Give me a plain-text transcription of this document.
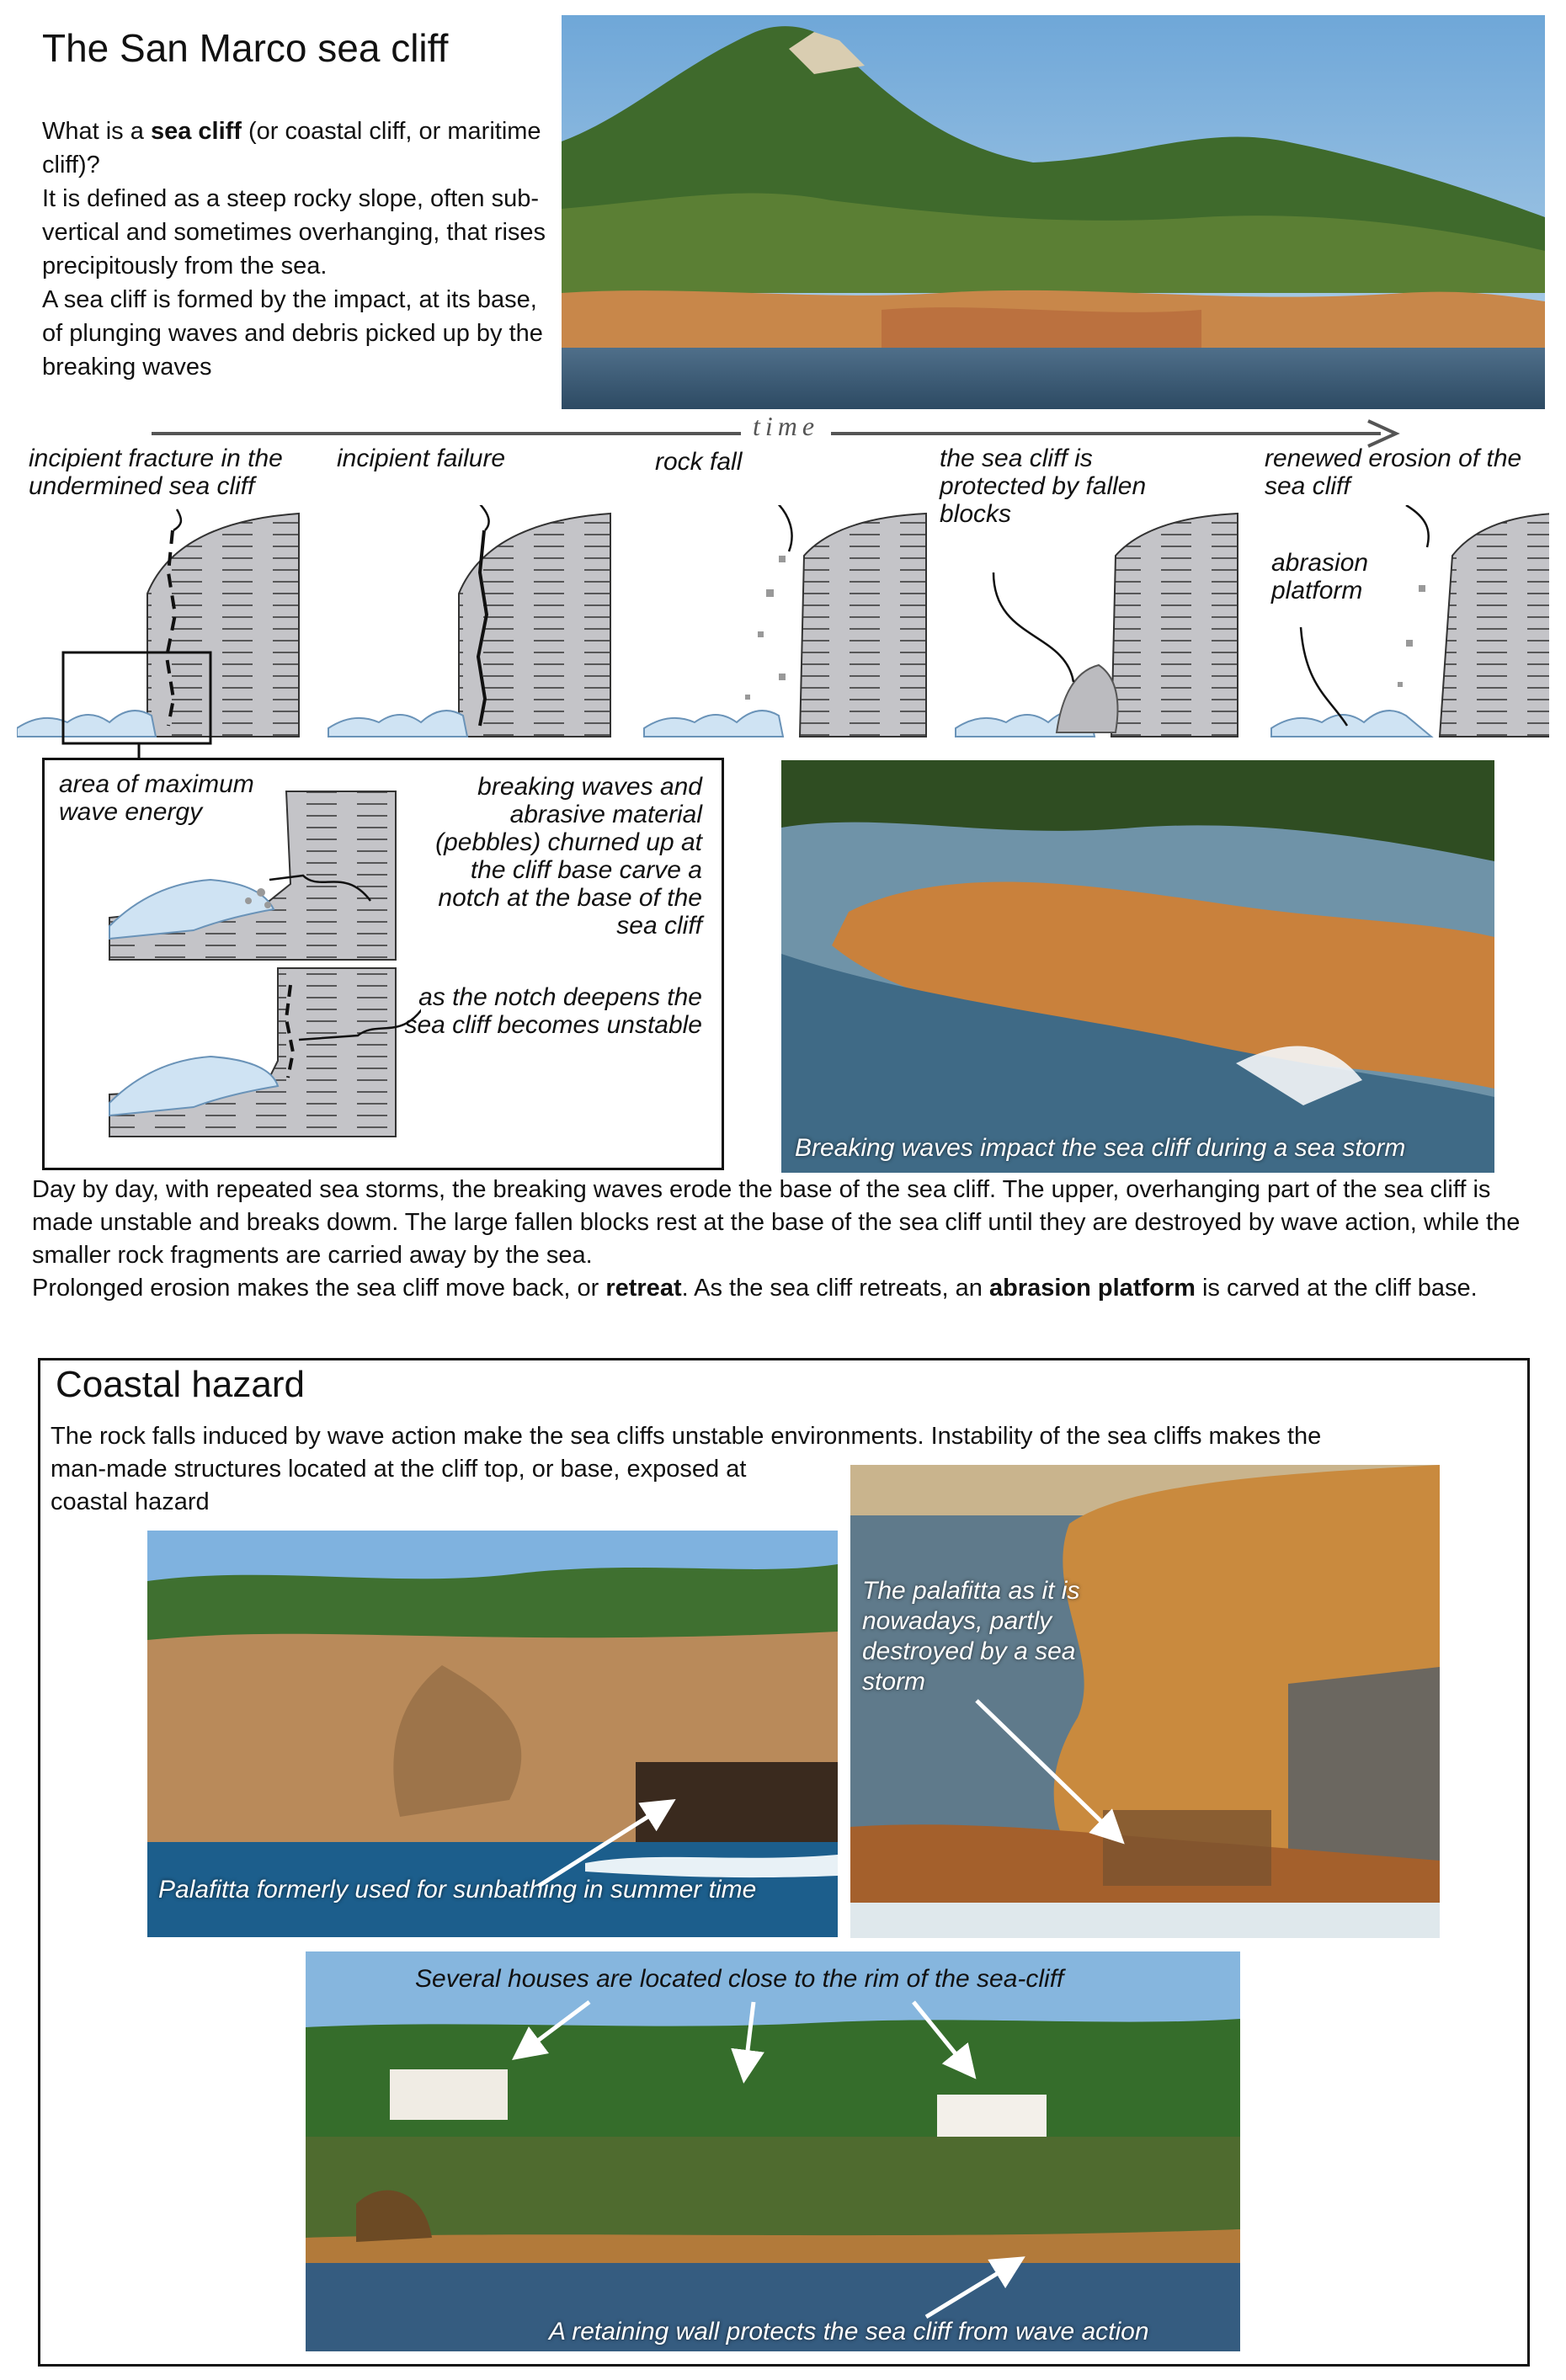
The San Marco sea cliff

What is a sea cliff (or coastal cliff, or maritime cliff)?

It is defined as a steep rocky slope, often sub-vertical and sometimes overhanging, that rises precipitously from the sea.

A sea cliff is formed by the impact, at its base, of plunging waves and debris picked up by the breaking waves

time
incipient fracture in the undermined sea cliff
incipient failure	rock fall	the sea cliff is protected by fallen blocks
renewed erosion of the sea cliff
abrasion platform
area of maximum wave energy
breaking waves and abrasive material (pebbles) churned up at the cliff base carve a notch at the base of the sea cliff
as the notch deepens the sea cliff becomes unstable
Breaking waves impact the sea cliff during a sea storm

Day by day, with repeated sea storms, the breaking waves erode the base of the sea cliff. The upper, overhanging part of the sea cliff is made unstable and breaks dowm. The large fallen blocks rest at the base of the sea cliff until they are destroyed by wave action, while the smaller rock fragments are carried away by the sea.

Prolonged erosion makes the sea cliff move back, or retreat. As the sea cliff retreats, an abrasion platform is carved at the cliff base.

Coastal hazard
The rock falls induced by wave action make the sea cliffs unstable environments. Instability of the sea cliffs makes the
man-made structures located at the cliff top, or base, exposed at coastal hazard
Palafitta formerly used for sunbathing in summer time
The palafitta as it is nowadays, partly destroyed by a sea storm
Several houses are located close to the rim of the sea-cliff
A retaining wall protects the sea cliff from wave action
